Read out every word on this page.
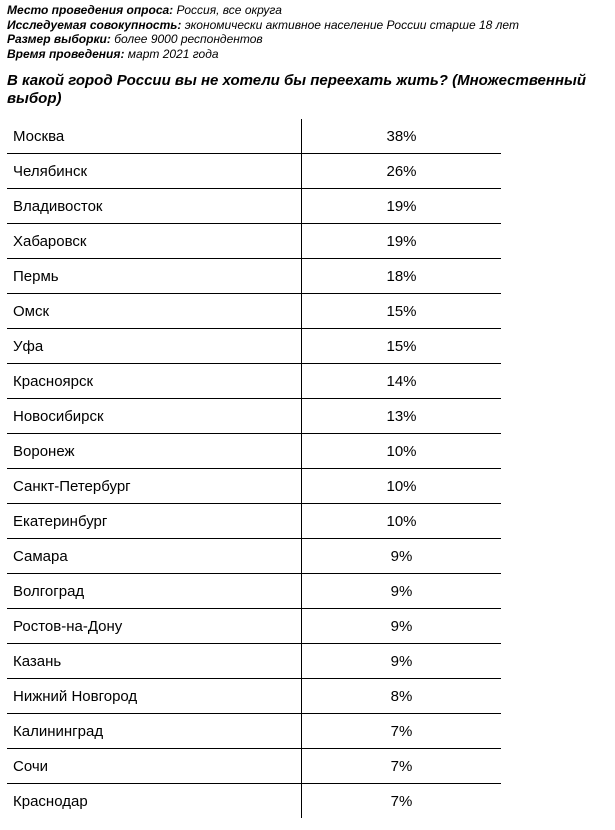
Место проведения опроса: Россия, все округа
Исследуемая совокупность: экономически активное население России старше 18 лет
Размер выборки: более 9000 респондентов
Время проведения: март 2021 года
В какой город России вы не хотели бы переехать жить? (Множественный
выбор)
Москва	38%
Челябинск	26%
Владивосток	19%
Хабаровск	19%
Пермь	18%
Омск	15%
Уфа	15%
Красноярск	14%
Новосибирск	13%
Воронеж	10%
Санкт-Петербург	10%
Екатеринбург	10%
Самара	9%
Волгоград	9%
Ростов-на-Дону	9%
Казань	9%
Нижний Новгород	8%
Калининград	7%
Сочи	7%
Краснодар	7%
